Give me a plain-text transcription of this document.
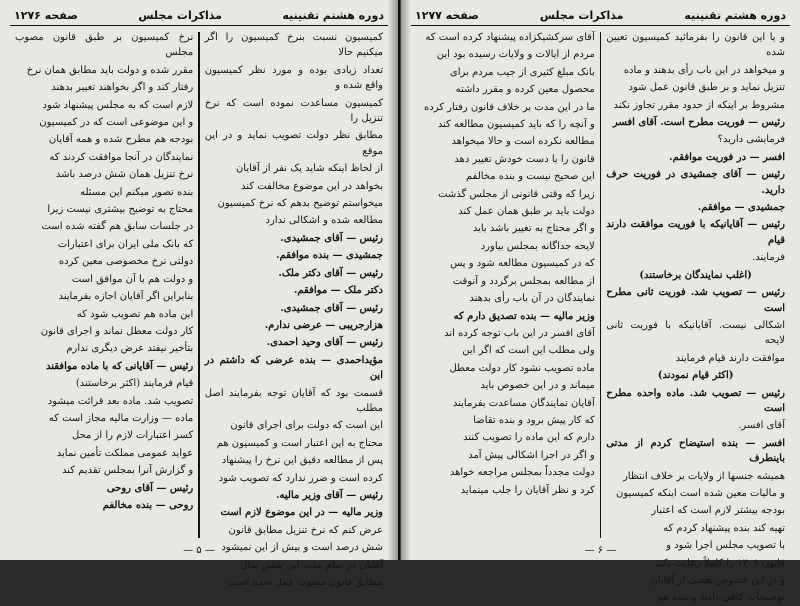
دوره هشتم تقنینیه
مذاکرات مجلس
صفحه ۱۲۷۶

کمیسیون نسبت بنرخ کمیسیون را اگر میکنیم حالا

تعداد زیادی بوده و مورد نظر کمیسیون واقع شده و

کمیسیون مساعدت نموده است که نرخ تنزیل را

مطابق نظر دولت تصویب نماید و در این موقع

از لحاظ اینکه شاید یک نفر از آقایان

بخواهد در این موضوع مخالفت کند

میخواستم توضیح بدهم که نرخ کمیسیون

مطالعه شده و اشکالی ندارد

رئیس — آقای جمشیدی.

جمشیدی — بنده موافقم.

رئیس — آقای دکتر ملک.

دکتر ملک — موافقم.

رئیس — آقای جمشیدی.

هزارجریبی — عرضی ندارم.

رئیس — آقای وحید احمدی.

مؤیداحمدی — بنده عرضی که داشتم در این

قسمت بود که آقایان توجه بفرمایند اصل مطلب

این است که دولت برای اجرای قانون

محتاج به این اعتبار است و کمیسیون هم

پس از مطالعه دقیق این نرخ را پیشنهاد

کرده است و ضرر ندارد که تصویب شود

رئیس — آقای وزیر مالیه.

وزیر مالیه — در این موضوع لازم است

عرض کنم که نرخ تنزیل مطابق قانون

شش درصد است و بیش از این نمیشود

آقایان در تمام مدت این شش سال

مطابق قانون مصوب عمل شده است

نرخ کمیسیون بر طبق قانون مصوب مجلس

مقرر شده و دولت باید مطابق همان نرخ

رفتار کند و اگر بخواهند تغییر بدهند

لازم است که به مجلس پیشنهاد شود

و این موضوعی است که در کمیسیون

بودجه هم مطرح شده و همه آقایان

نمایندگان در آنجا موافقت کردند که

نرخ تنزیل همان شش درصد باشد

بنده تصور میکنم این مسئله

محتاج به توضیح بیشتری نیست زیرا

در جلسات سابق هم گفته شده است

که بانک ملی ایران برای اعتبارات

دولتی نرخ مخصوصی معین کرده

و دولت هم با آن موافق است

بنابراین اگر آقایان اجازه بفرمایند

این ماده هم تصویب شود که

کار دولت معطل نماند و اجرای قانون

بتأخیر نیفتد عرض دیگری ندارم

رئیس — آقایانی که با ماده موافقند

قیام فرمایند (اکثر برخاستند)

تصویب شد. ماده بعد قرائت میشود

ماده — وزارت مالیه مجاز است که

کسر اعتبارات لازم را از محل

عواید عمومی مملکت تأمین نماید

و گزارش آنرا بمجلس تقدیم کند

رئیس — آقای روحی

روحی — بنده مخالفم

— ۵ —
دوره هشتم تقنینیه
مذاکرات مجلس
صفحه ۱۲۷۷

و یا این قانون را بفرمائید کمیسیون تعیین شده

و میخواهد در این باب رأی بدهند و ماده

تنزیل نماید و بر طبق قانون عمل شود

مشروط بر اینکه از حدود مقرر تجاوز نکند

رئیس — فوریت مطرح است. آقای افسر

فرمایشی دارید؟

افسر — در فوریت موافقم.

رئیس — آقای جمشیدی در فوریت حرف دارید.

جمشیدی — موافقم.

رئیس — آقایانیکه با فوریت موافقت دارند قیام

فرمایند.

(اغلب نمایندگان برخاستند)

رئیس — تصویب شد. فوریت ثانی مطرح است

اشکالی نیست. آقایانیکه با فوریت ثانی لایحه

موافقت دارند قیام فرمایند

(اکثر قیام نمودند)

رئیس — تصویب شد. ماده واحده مطرح است

آقای افسر.

افسر — بنده استیضاح کردم از مدتی باینطرف

همیشه جنسها از ولایات بر خلاف انتظار

و مالیات معین شده است اینکه کمیسیون

بودجه بیشتر لازم است که اعتبار

تهیه کند بنده پیشنهاد کردم که

با تصویب مجلس اجرا شود و

قانون ۱۳۰۹ را کاملاً رعایت بکند

و در این خصوص بعضی از آقایان

توضیحات کافی دادند و بنده هم

آقای سرکشیکزاده پیشنهاد کرده است که

مردم از ایالات و ولایات رسیده بود این

بانک مبلغ کثیری از جیب مردم برای

محصول معین کرده و مقرر داشته

ما در این مدت بر خلاف قانون رفتار کرده

و آنچه را که باید کمیسیون مطالعه کند

مطالعه نکرده است و حالا میخواهد

قانون را با دست خودش تغییر دهد

این صحیح نیست و بنده مخالفم

زیرا که وقتی قانونی از مجلس گذشت

دولت باید بر طبق همان عمل کند

و اگر محتاج به تغییر باشد باید

لایحه جداگانه بمجلس بیاورد

که در کمیسیون مطالعه شود و پس

از مطالعه بمجلس برگردد و آنوقت

نمایندگان در آن باب رأی بدهند

وزیر مالیه — بنده تصدیق دارم که

آقای افسر در این باب توجه کرده اند

ولی مطلب این است که اگر این

ماده تصویب نشود کار دولت معطل

میماند و در این خصوص باید

آقایان نمایندگان مساعدت بفرمایند

که کار پیش برود و بنده تقاضا

دارم که این ماده را تصویب کنند

و اگر در اجرا اشکالی پیش آمد

دولت مجدداً بمجلس مراجعه خواهد

کرد و نظر آقایان را جلب مینماید

— ۶ —
